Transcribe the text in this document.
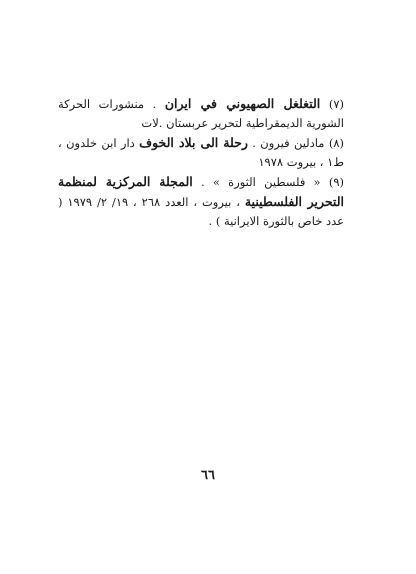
(٧) التغلغل الصهيوني في ايران . منشورات الحركة الشورية الديمقراطية لتحرير عربستان .لات

(٨) مادلين فيرون . رحلة الى بلاد الخوف دار ابن خلدون ، ط١ ، بيروت ١٩٧٨

(٩) « فلسطين الثورة » . المجلة المركزية لمنظمة التحرير الفلسطينية ، بيروت ، العدد ٢٦٨ ، ١٩/ ٢/ ١٩٧٩ ( عدد خاص بالثورة الايرانية ) .

٦٦
